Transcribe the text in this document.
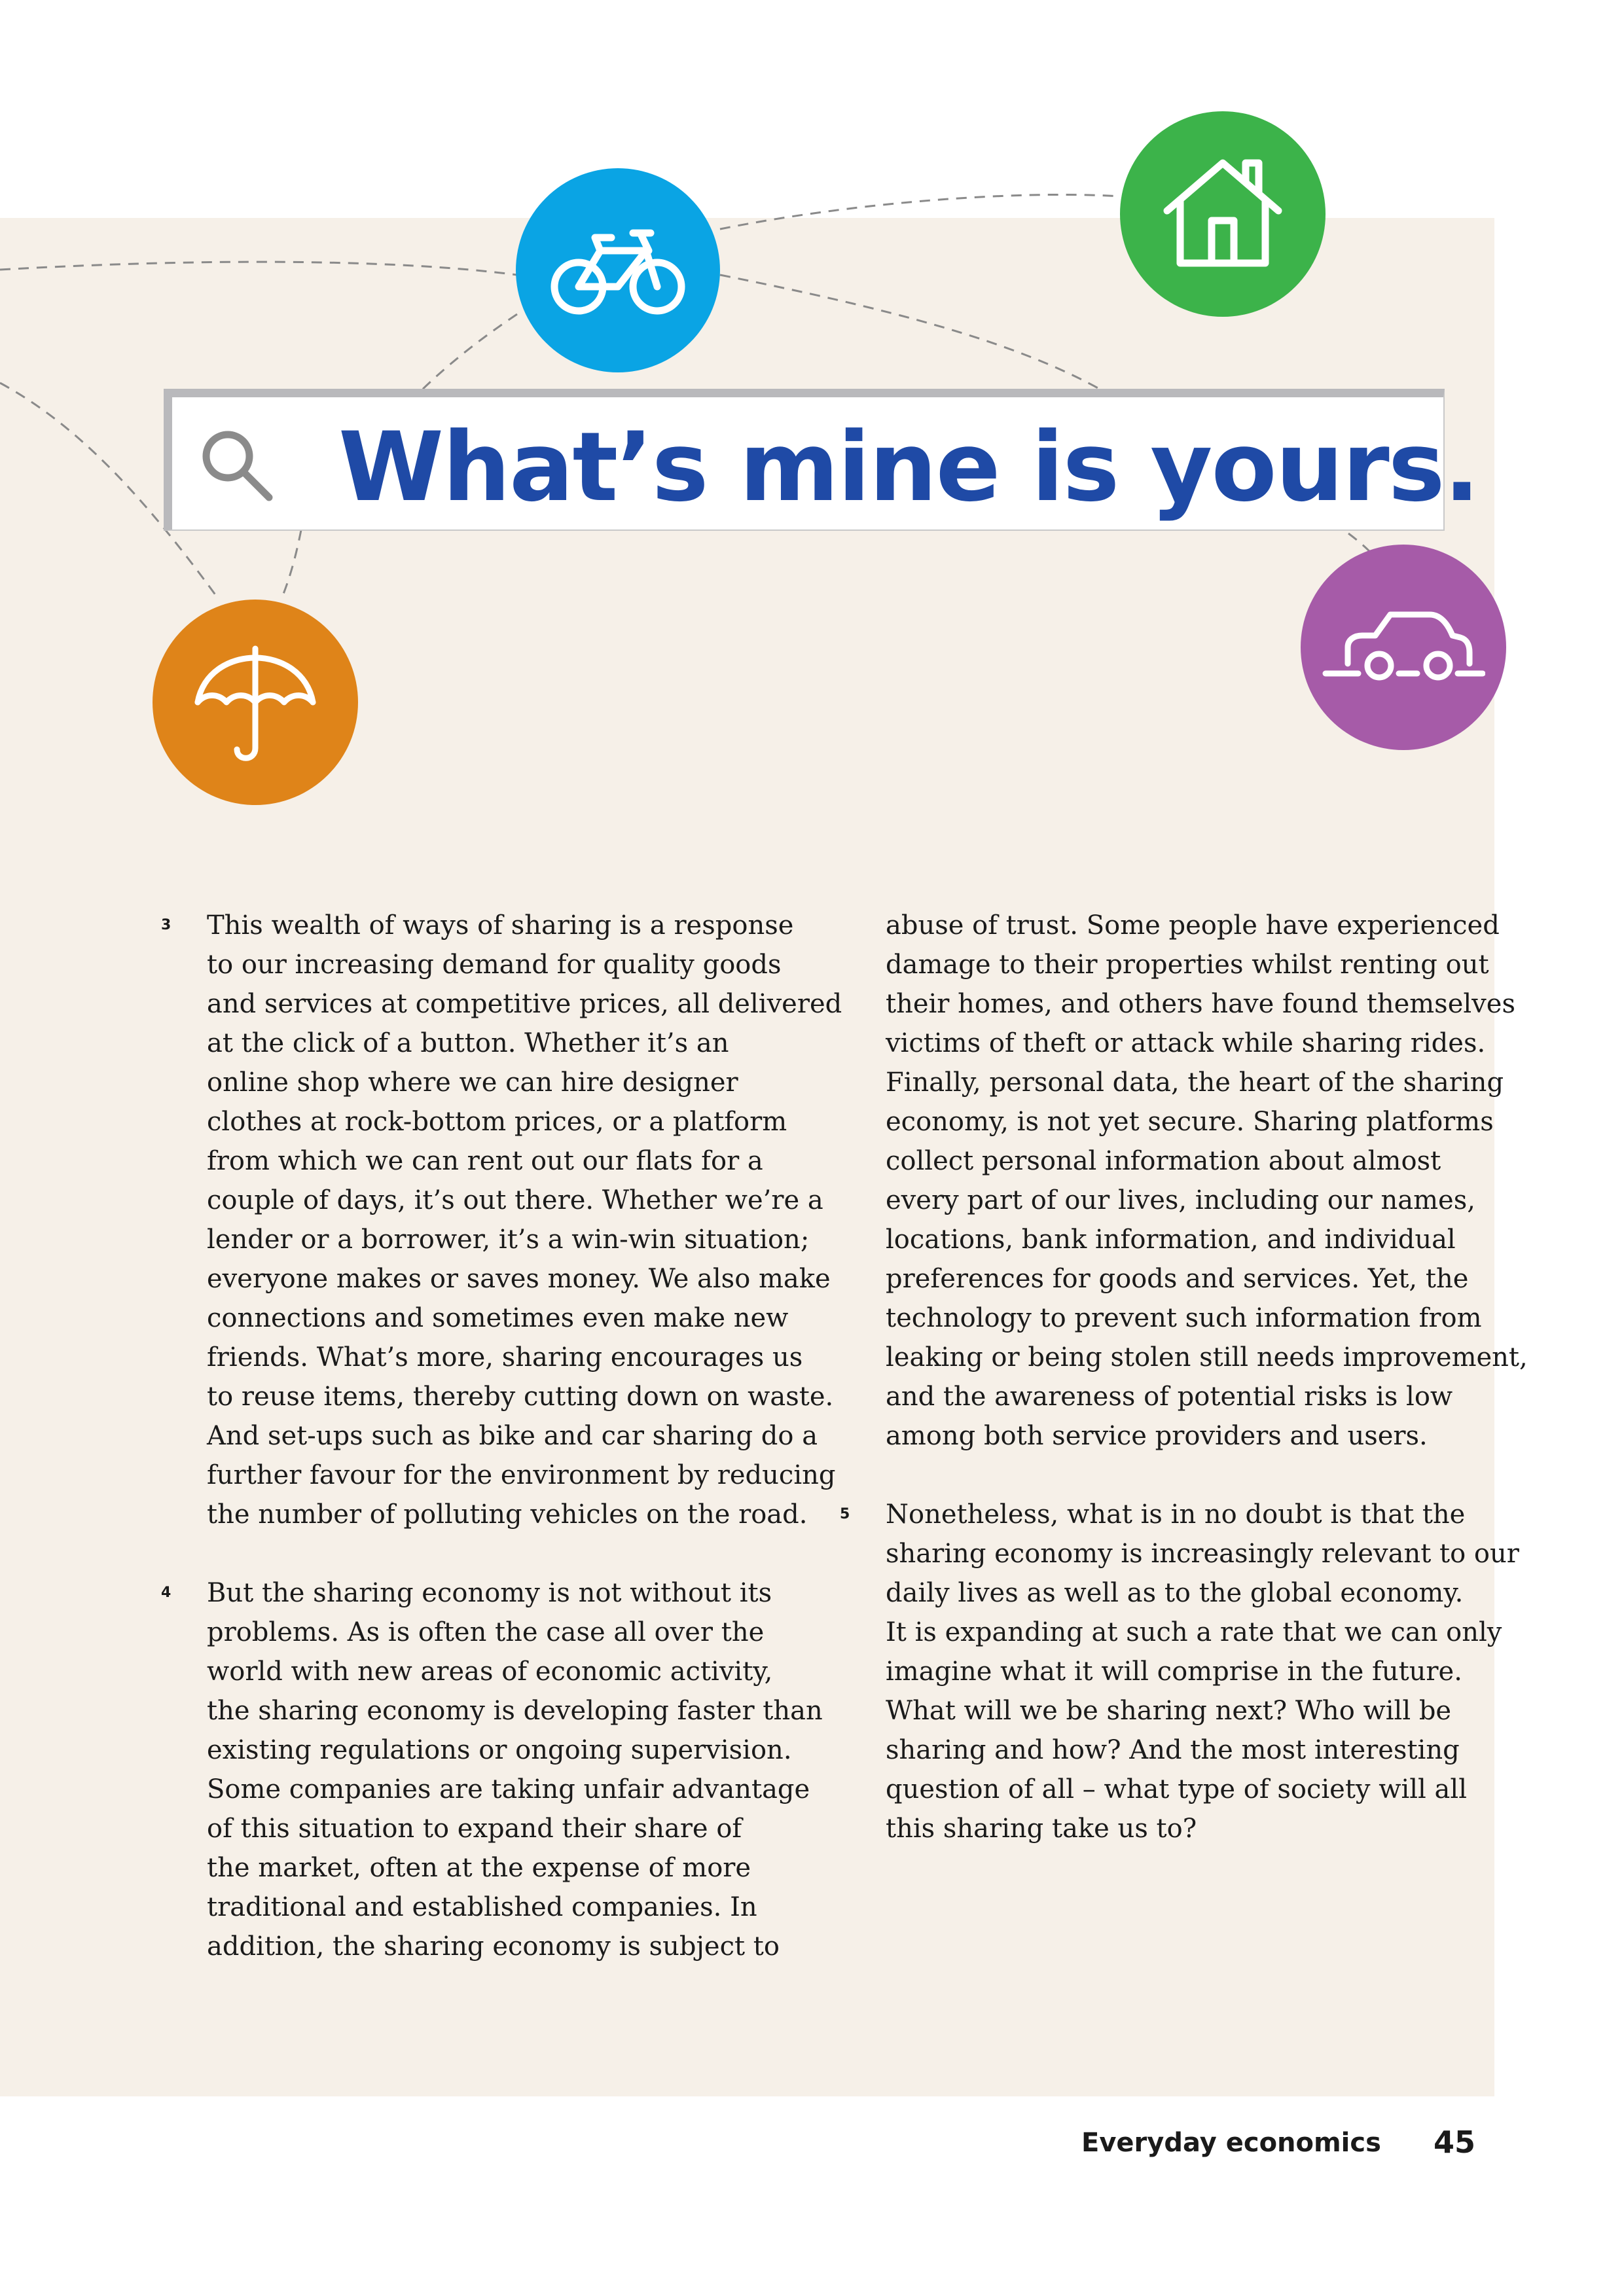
What’s mine is yours.

3 This wealth of ways of sharing is a response
to our increasing demand for quality goods
and services at competitive prices, all delivered
at the click of a button. Whether it’s an
online shop where we can hire designer
clothes at rock-bottom prices, or a platform
from which we can rent out our flats for a
couple of days, it’s out there. Whether we’re a
lender or a borrower, it’s a win-win situation;
everyone makes or saves money. We also make
connections and sometimes even make new
friends. What’s more, sharing encourages us
to reuse items, thereby cutting down on waste.
And set-ups such as bike and car sharing do a
further favour for the environment by reducing
the number of polluting vehicles on the road.

4 But the sharing economy is not without its
problems. As is often the case all over the
world with new areas of economic activity,
the sharing economy is developing faster than
existing regulations or ongoing supervision.
Some companies are taking unfair advantage
of this situation to expand their share of
the market, often at the expense of more
traditional and established companies. In
addition, the sharing economy is subject to

abuse of trust. Some people have experienced
damage to their properties whilst renting out
their homes, and others have found themselves
victims of theft or attack while sharing rides.
Finally, personal data, the heart of the sharing
economy, is not yet secure. Sharing platforms
collect personal information about almost
every part of our lives, including our names,
locations, bank information, and individual
preferences for goods and services. Yet, the
technology to prevent such information from
leaking or being stolen still needs improvement,
and the awareness of potential risks is low
among both service providers and users.

5 Nonetheless, what is in no doubt is that the
sharing economy is increasingly relevant to our
daily lives as well as to the global economy.
It is expanding at such a rate that we can only
imagine what it will comprise in the future.
What will we be sharing next? Who will be
sharing and how? And the most interesting
question of all – what type of society will all
this sharing take us to?

Everyday economics 45
